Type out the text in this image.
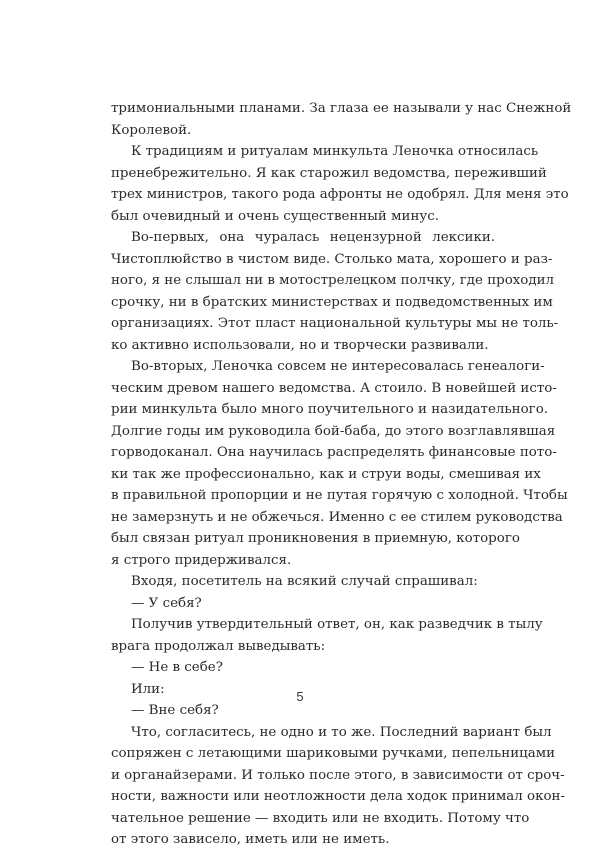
тримониальными планами. За глаза ее называли у нас Снежной
Королевой.
К традициям и ритуалам минкульта Леночка относилась
пренебрежительно. Я как старожил ведомства, переживший
трех министров, такого рода афронты не одобрял. Для меня это
был очевидный и очень существенный минус.
Во-первых, она чуралась нецензурной лексики.
Чистоплюйство в чистом виде. Столько мата, хорошего и раз-
ного, я не слышал ни в мотострелецком полчку, где проходил
срочку, ни в братских министерствах и подведомственных им
организациях. Этот пласт национальной культуры мы не толь-
ко активно использовали, но и творчески развивали.
Во-вторых, Леночка совсем не интересовалась генеалоги-
ческим древом нашего ведомства. А стоило. В новейшей исто-
рии минкульта было много поучительного и назидательного.
Долгие годы им руководила бой-баба, до этого возглавлявшая
горводоканал. Она научилась распределять финансовые пото-
ки так же профессионально, как и струи воды, смешивая их
в правильной пропорции и не путая горячую с холодной. Чтобы
не замерзнуть и не обжечься. Именно с ее стилем руководства
был связан ритуал проникновения в приемную, которого
я строго придерживался.
Входя, посетитель на всякий случай спрашивал:
— У себя?
Получив утвердительный ответ, он, как разведчик в тылу
врага продолжал выведывать:
— Не в себе?
Или:
— Вне себя?
Что, согласитесь, не одно и то же. Последний вариант был
сопряжен с летающими шариковыми ручками, пепельницами
и органайзерами. И только после этого, в зависимости от сроч-
ности, важности или неотложности дела ходок принимал окон-
чательное решение — входить или не входить. Потому что
от этого зависело, иметь или не иметь.
5
